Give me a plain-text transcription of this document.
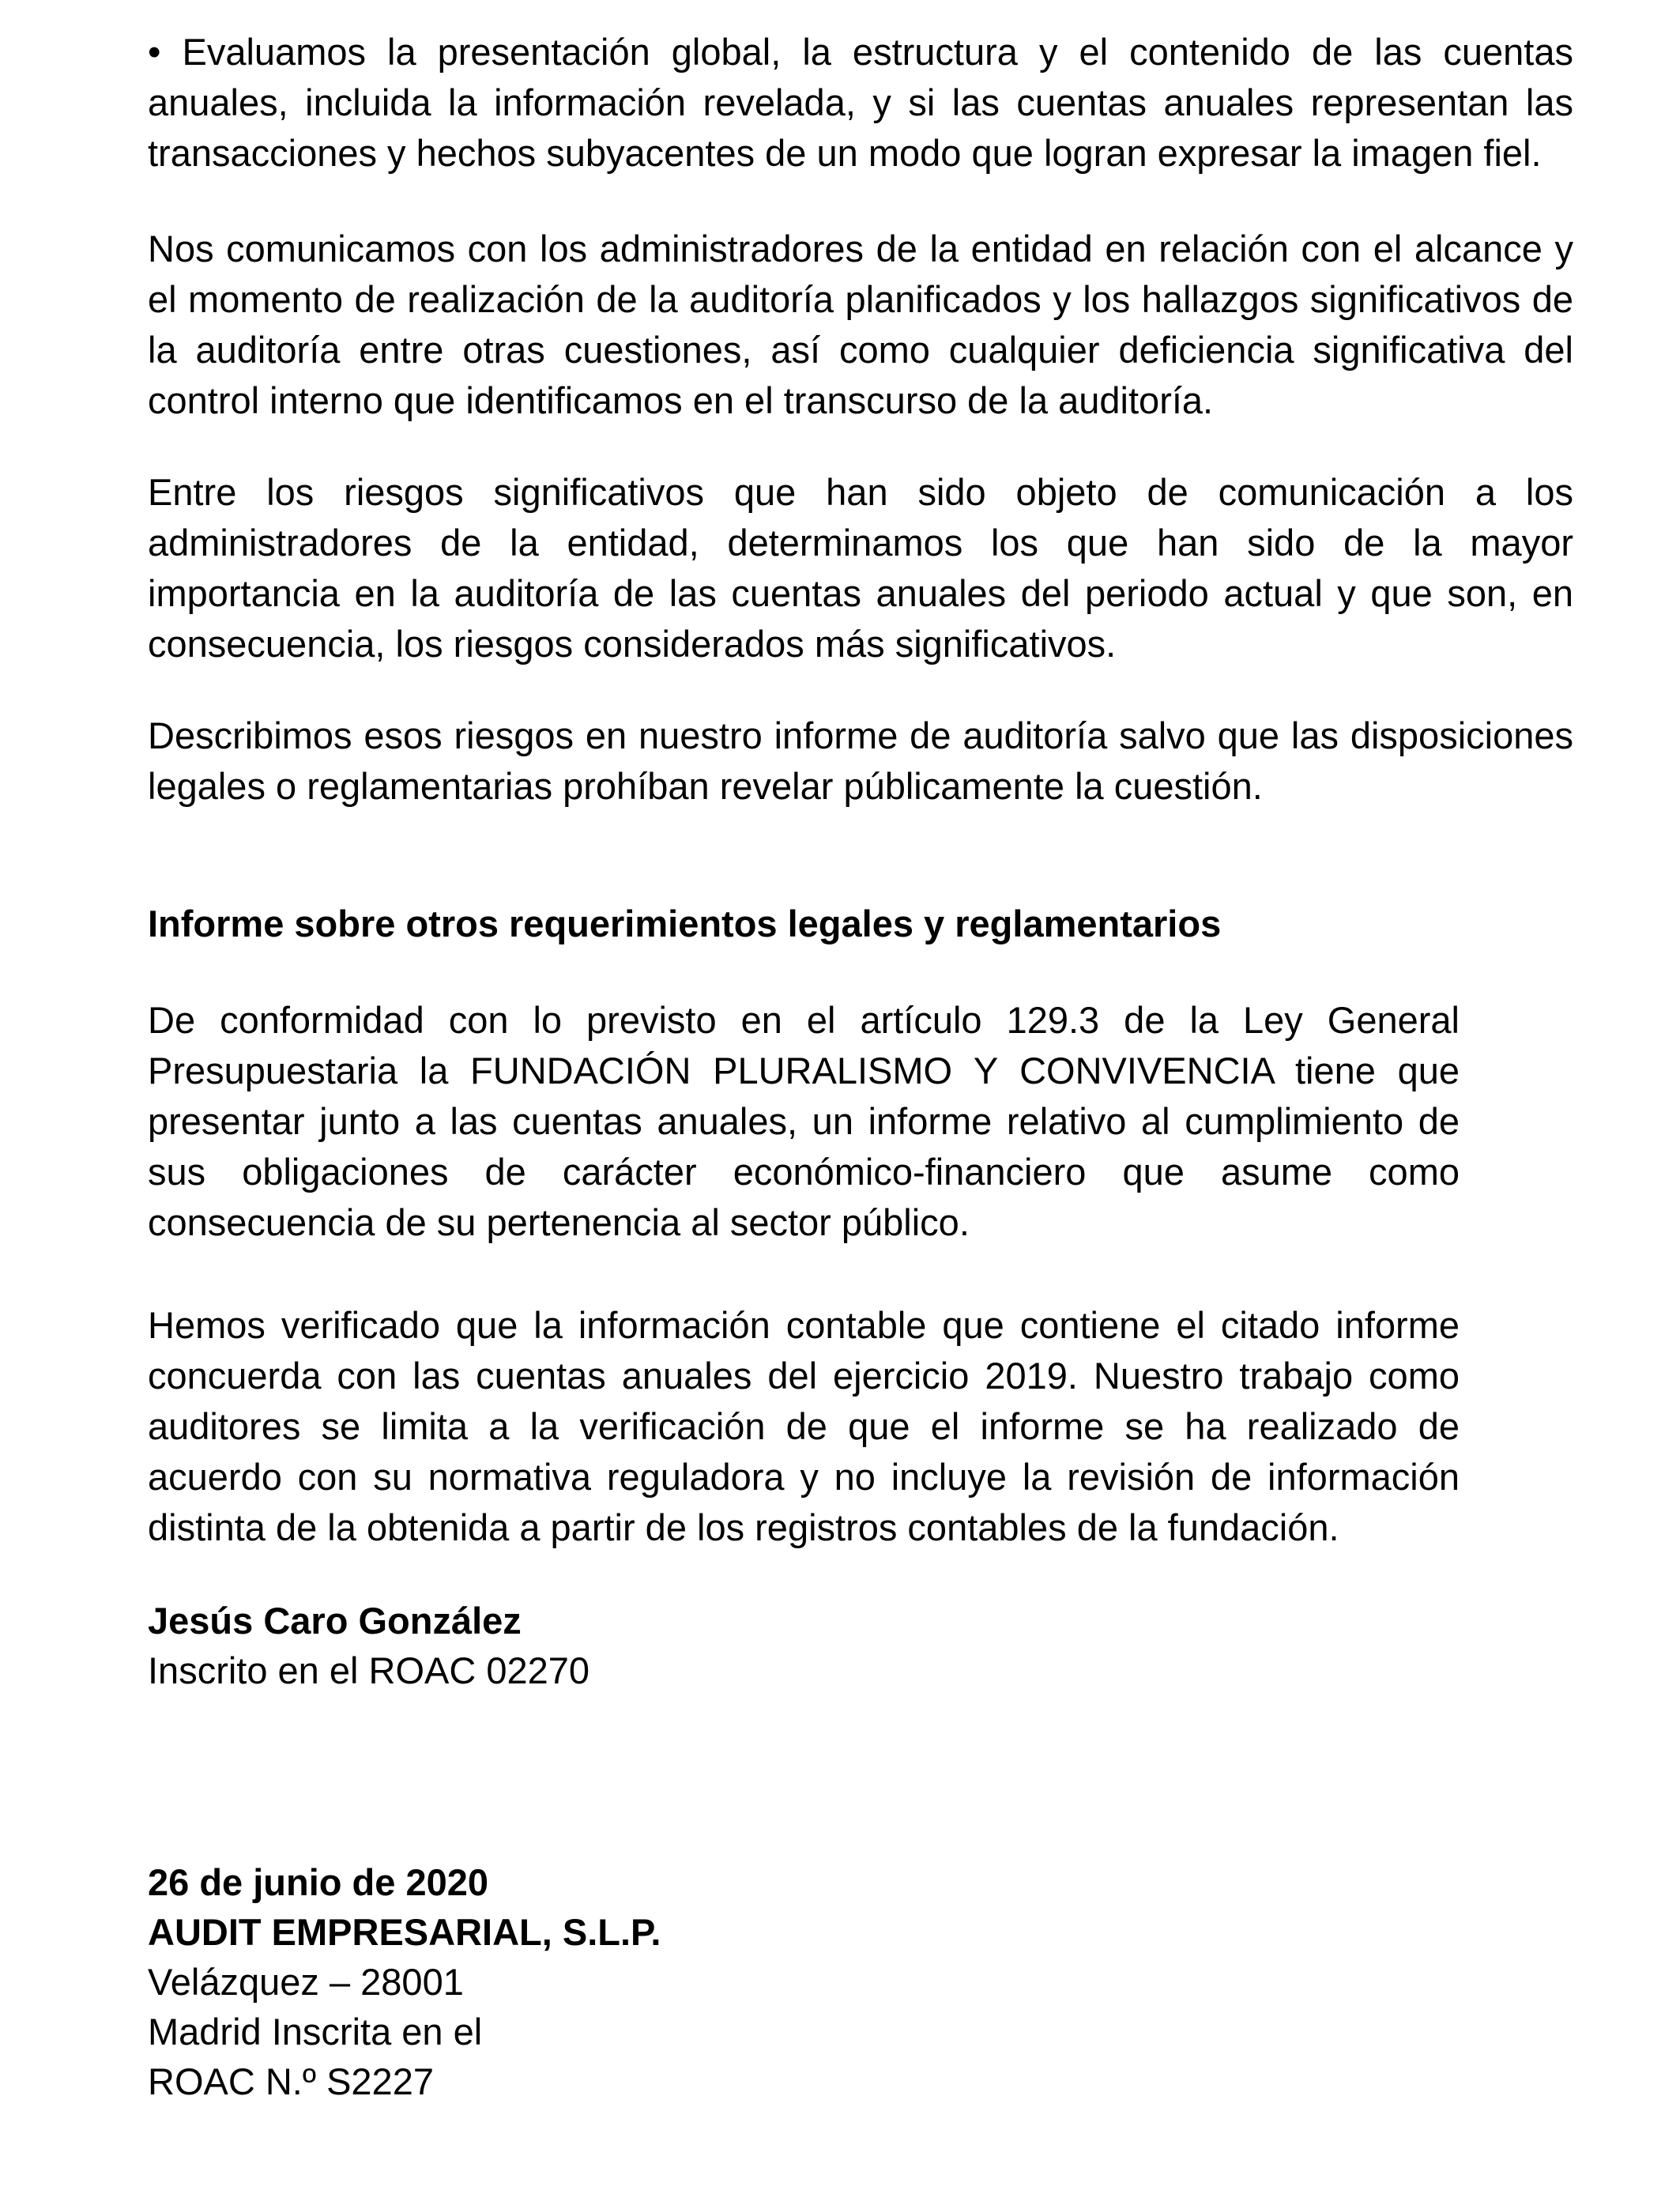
• Evaluamos la presentación global, la estructura y el contenido de las cuentas anuales, incluida la información revelada, y si las cuentas anuales representan las transacciones y hechos subyacentes de un modo que logran expresar la imagen fiel.

Nos comunicamos con los administradores de la entidad en relación con el alcance y el momento de realización de la auditoría planificados y los hallazgos significativos de la auditoría entre otras cuestiones, así como cualquier deficiencia significativa del control interno que identificamos en el transcurso de la auditoría.

Entre los riesgos significativos que han sido objeto de comunicación a los administradores de la entidad, determinamos los que han sido de la mayor importancia en la auditoría de las cuentas anuales del periodo actual y que son, en consecuencia, los riesgos considerados más significativos.

Describimos esos riesgos en nuestro informe de auditoría salvo que las disposiciones legales o reglamentarias prohíban revelar públicamente la cuestión.

Informe sobre otros requerimientos legales y reglamentarios

De conformidad con lo previsto en el artículo 129.3 de la Ley General Presupuestaria la FUNDACIÓN PLURALISMO Y CONVIVENCIA tiene que presentar junto a las cuentas anuales, un informe relativo al cumplimiento de sus obligaciones de carácter económico-financiero que asume como consecuencia de su pertenencia al sector público.

Hemos verificado que la información contable que contiene el citado informe concuerda con las cuentas anuales del ejercicio 2019. Nuestro trabajo como auditores se limita a la verificación de que el informe se ha realizado de acuerdo con su normativa reguladora y no incluye la revisión de información distinta de la obtenida a partir de los registros contables de la fundación.

Jesús Caro González
Inscrito en el ROAC 02270
26 de junio de 2020
AUDIT EMPRESARIAL, S.L.P.
Velázquez – 28001
Madrid Inscrita en el
ROAC N.º S2227
